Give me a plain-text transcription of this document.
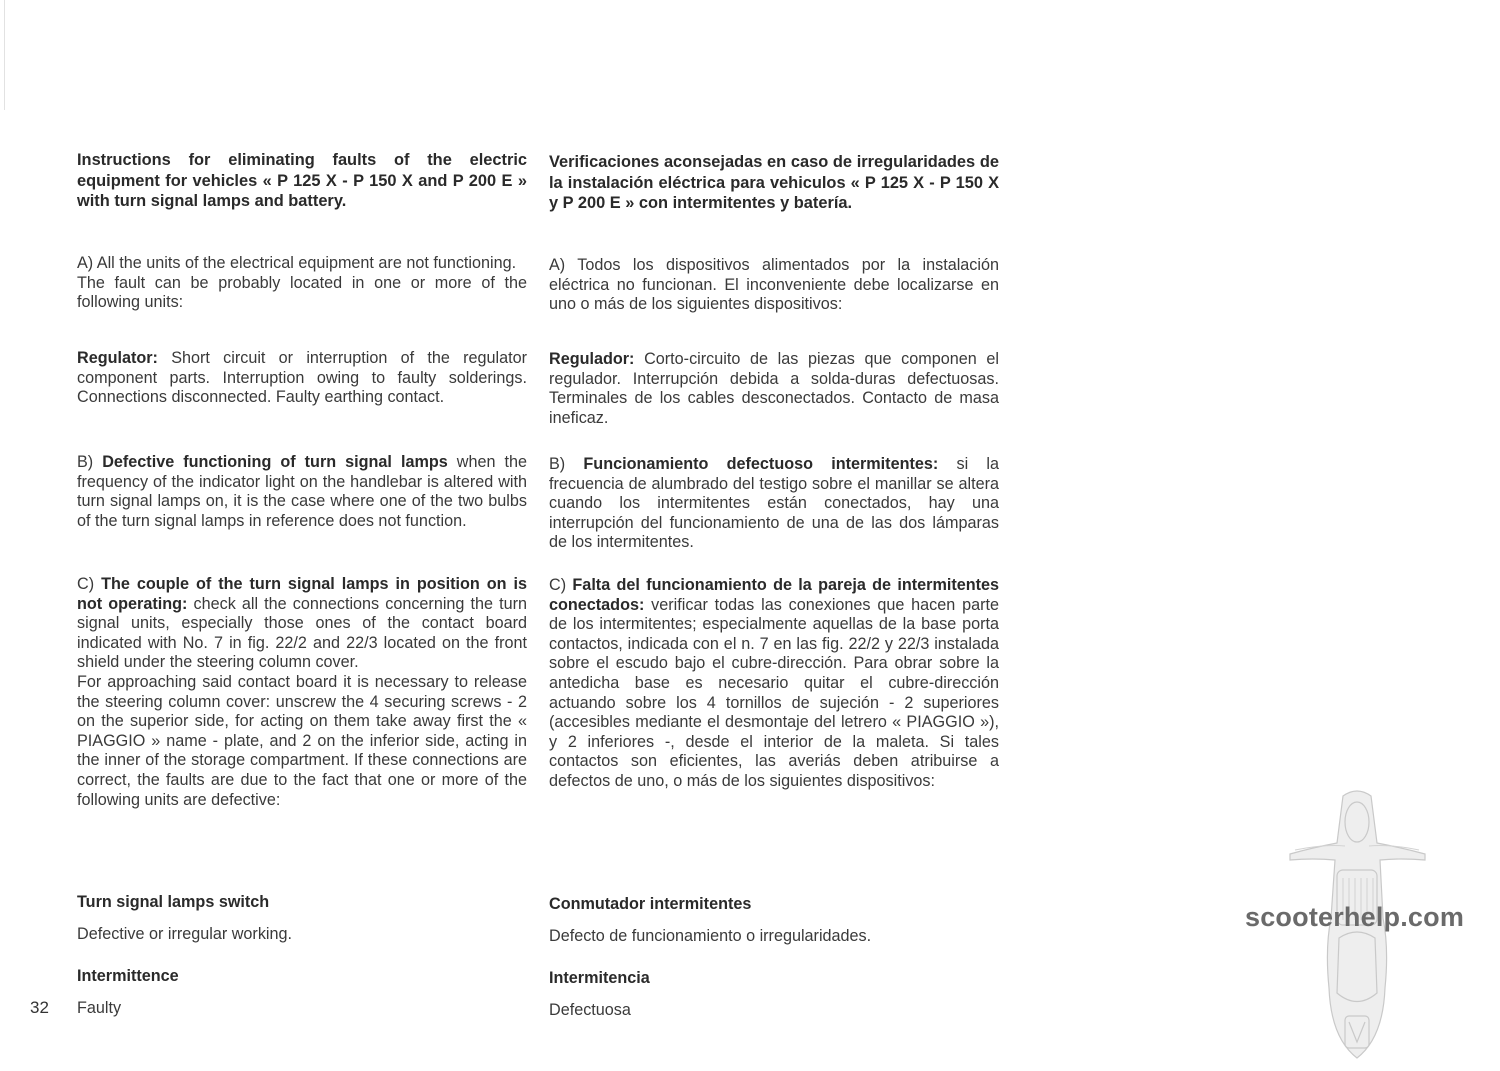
Instructions for eliminating faults of the electric equipment for vehicles « P 125 X - P 150 X and P 200 E » with turn signal lamps and battery.

A) All the units of the electrical equipment are not functioning.

The fault can be probably located in one or more of the following units:

Regulator: Short circuit or interruption of the regulator component parts. Interruption owing to faulty solderings. Connections disconnected. Faulty earthing contact.

B) Defective functioning of turn signal lamps when the frequency of the indicator light on the handlebar is altered with turn signal lamps on, it is the case where one of the two bulbs of the turn signal lamps in reference does not function.

C) The couple of the turn signal lamps in position on is not operating: check all the connections concerning the turn signal units, especially those ones of the contact board indicated with No. 7 in fig. 22/2 and 22/3 located on the front shield under the steering column cover.

For approaching said contact board it is necessary to release the steering column cover: unscrew the 4 securing screws - 2 on the superior side, for acting on them take away first the « PIAGGIO » name - plate, and 2 on the inferior side, acting in the inner of the storage compartment. If these connections are correct, the faults are due to the fact that one or more of the following units are defective:

Turn signal lamps switch

Defective or irregular working.

Intermittence

Faulty

Verificaciones aconsejadas en caso de irregularidades de la instalación eléctrica para vehiculos « P 125 X - P 150 X y P 200 E » con intermitentes y batería.

A) Todos los dispositivos alimentados por la instalación eléctrica no funcionan. El inconveniente debe localizarse en uno o más de los siguientes dispositivos:

Regulador: Corto-circuito de las piezas que componen el regulador. Interrupción debida a solda-duras defectuosas. Terminales de los cables desconectados. Contacto de masa ineficaz.

B) Funcionamiento defectuoso intermitentes: si la frecuencia de alumbrado del testigo sobre el manillar se altera cuando los intermitentes están conectados, hay una interrupción del funcionamiento de una de las dos lámparas de los intermitentes.

C) Falta del funcionamiento de la pareja de intermitentes conectados: verificar todas las conexiones que hacen parte de los intermitentes; especialmente aquellas de la base porta contactos, indicada con el n. 7 en las fig. 22/2 y 22/3 instalada sobre el escudo bajo el cubre-dirección. Para obrar sobre la antedicha base es necesario quitar el cubre-dirección actuando sobre los 4 tornillos de sujeción - 2 superiores (accesibles mediante el desmontaje del letrero « PIAGGIO »), y 2 inferiores -, desde el interior de la maleta. Si tales contactos son eficientes, las averiás deben atribuirse a defectos de uno, o más de los siguientes dispositivos:

Conmutador intermitentes

Defecto de funcionamiento o irregularidades.

Intermitencia

Defectuosa

32
scooterhelp.com
